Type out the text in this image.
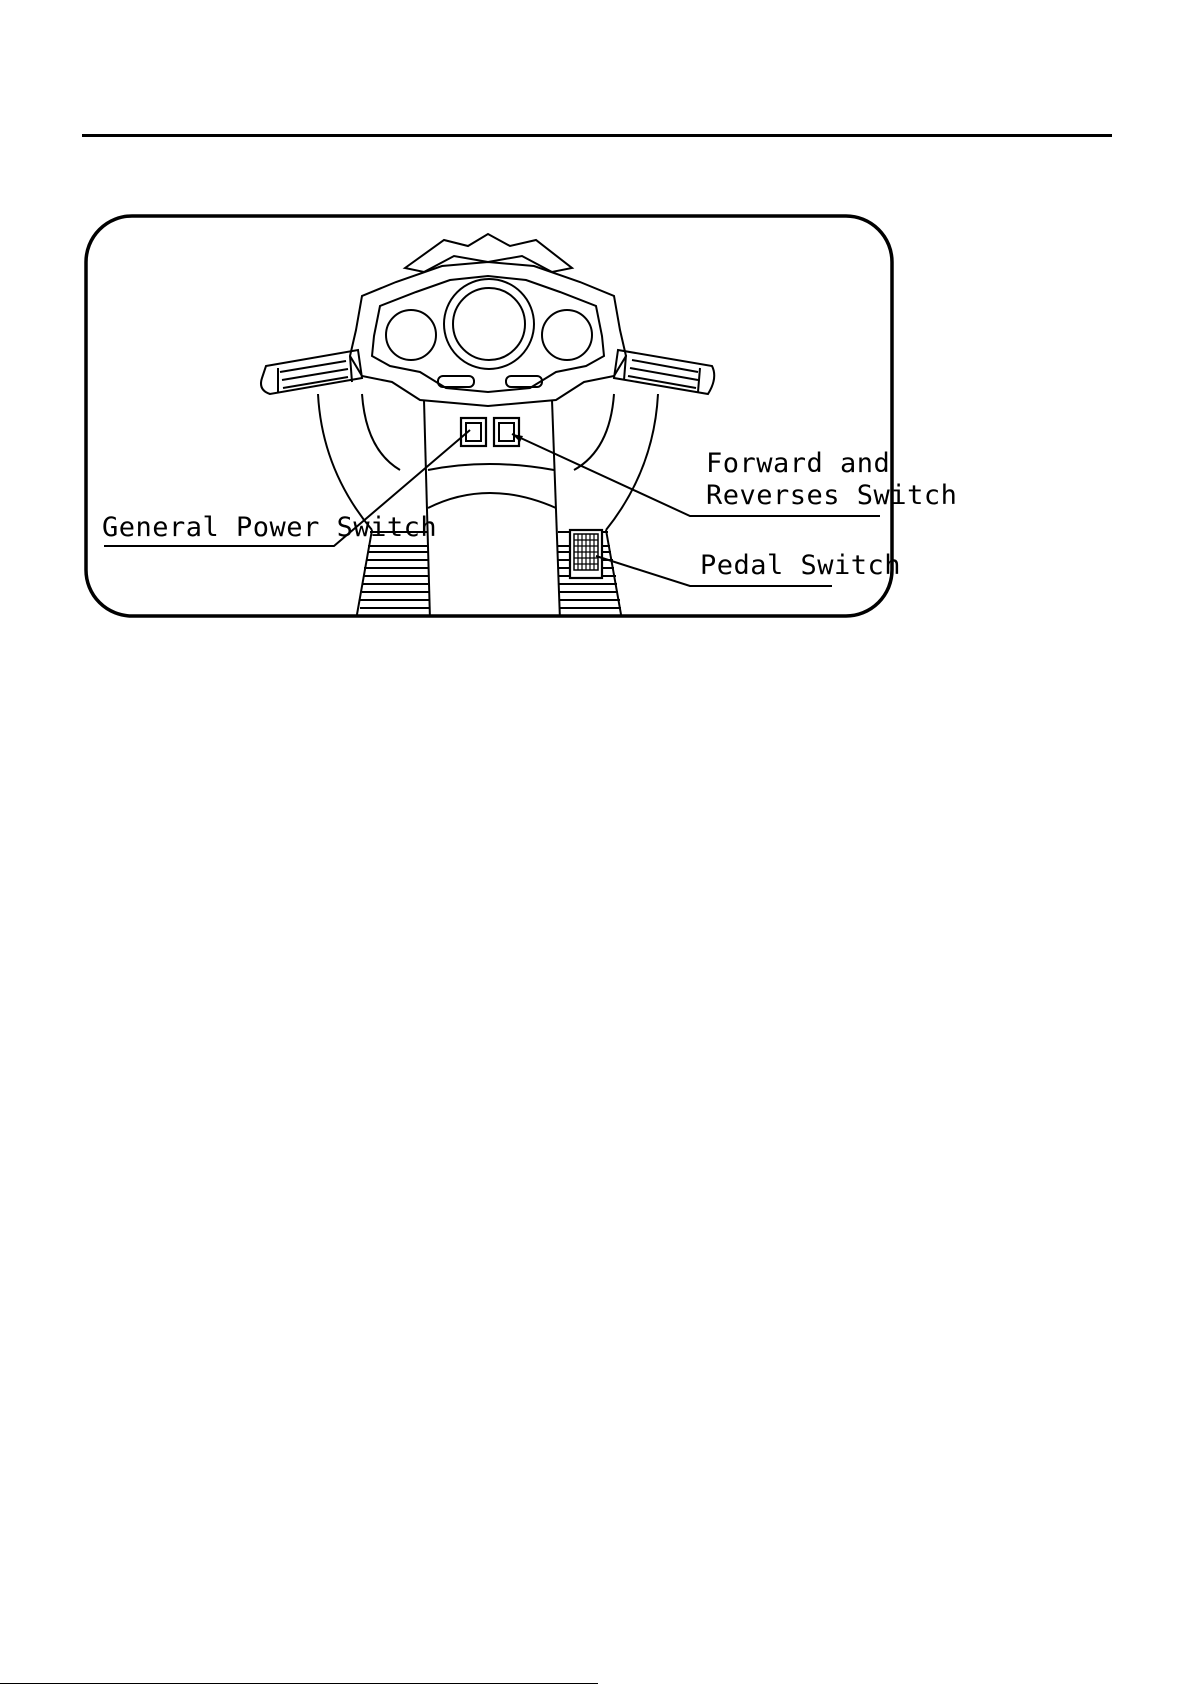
General Power Switch
Forward and
Reverses Switch
Pedal Switch
